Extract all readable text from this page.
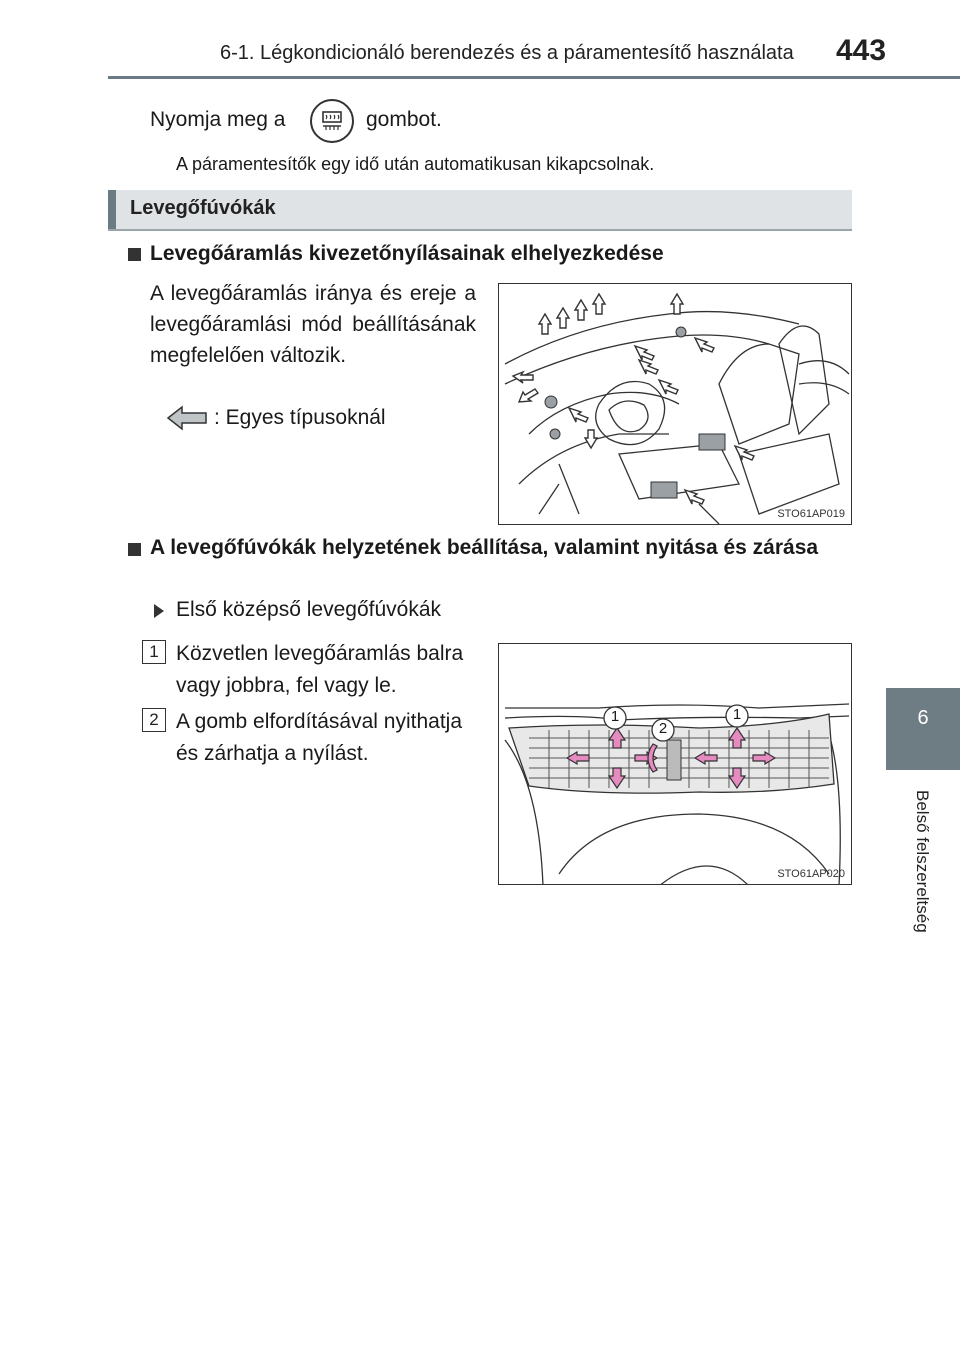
6-1. Légkondicionáló berendezés és a páramentesítő használata 443
6
Belső felszereltség
Nyomja meg a	gombot.
A páramentesítők egy idő után automatikusan kikapcsolnak.
Levegőfúvókák
Levegőáramlás kivezetőnyílásainak elhelyezkedése
A levegőáramlás iránya és ereje a levegőáramlási mód beállításának megfelelően változik.
: Egyes típusoknál
STO61AP019
A levegőfúvókák helyzetének beállítása, valamint nyitása és zárása
Első középső levegőfúvókák
1 Közvetlen levegőáramlás balra vagy jobbra, fel vagy le.
2 A gomb elfordításával nyithatja és zárhatja a nyílást.
1
2
1
STO61AP020
